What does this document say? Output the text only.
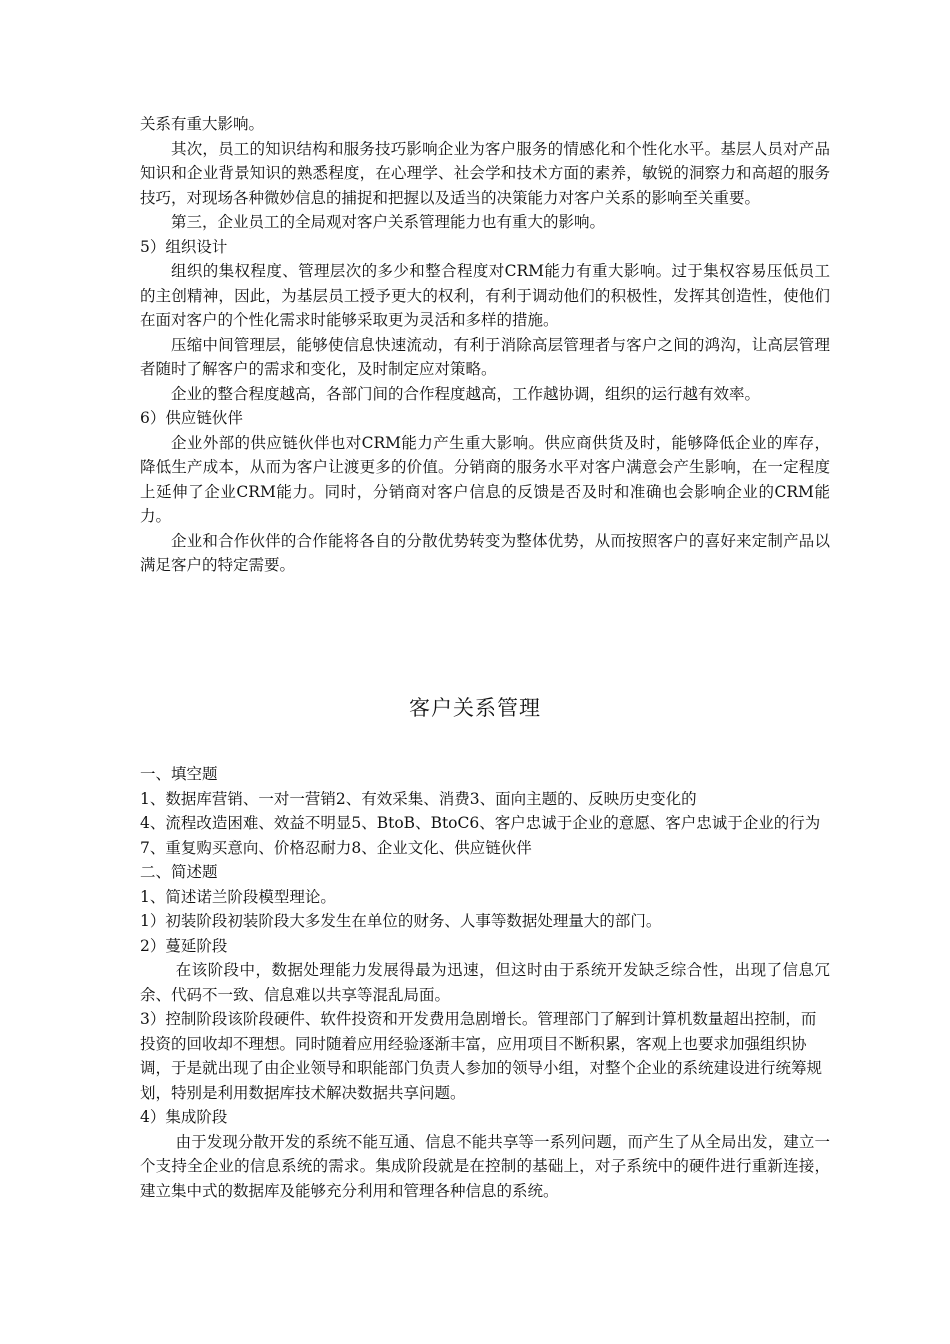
关系有重大影响。

其次，员工的知识结构和服务技巧影响企业为客户服务的情感化和个性化水平。基层人员对产品知识和企业背景知识的熟悉程度，在心理学、社会学和技术方面的素养，敏锐的洞察力和高超的服务技巧，对现场各种微妙信息的捕捉和把握以及适当的决策能力对客户关系的影响至关重要。

第三，企业员工的全局观对客户关系管理能力也有重大的影响。

5）组织设计

组织的集权程度、管理层次的多少和整合程度对CRM能力有重大影响。过于集权容易压低员工的主创精神，因此，为基层员工授予更大的权利，有利于调动他们的积极性，发挥其创造性，使他们在面对客户的个性化需求时能够采取更为灵活和多样的措施。

压缩中间管理层，能够使信息快速流动，有利于消除高层管理者与客户之间的鸿沟，让高层管理者随时了解客户的需求和变化，及时制定应对策略。

企业的整合程度越高，各部门间的合作程度越高，工作越协调，组织的运行越有效率。

6）供应链伙伴

企业外部的供应链伙伴也对CRM能力产生重大影响。供应商供货及时，能够降低企业的库存，降低生产成本，从而为客户让渡更多的价值。分销商的服务水平对客户满意会产生影响，在一定程度上延伸了企业CRM能力。同时，分销商对客户信息的反馈是否及时和准确也会影响企业的CRM能力。

企业和合作伙伴的合作能将各自的分散优势转变为整体优势，从而按照客户的喜好来定制产品以满足客户的特定需要。

客户关系管理

一、填空题

1、数据库营销、一对一营销2、有效采集、消费3、面向主题的、反映历史变化的

4、流程改造困难、效益不明显5、BtoB、BtoC6、客户忠诚于企业的意愿、客户忠诚于企业的行为7、重复购买意向、价格忍耐力8、企业文化、供应链伙伴

二、简述题

1、简述诺兰阶段模型理论。

1）初装阶段初装阶段大多发生在单位的财务、人事等数据处理量大的部门。

2）蔓延阶段

在该阶段中，数据处理能力发展得最为迅速，但这时由于系统开发缺乏综合性，出现了信息冗余、代码不一致、信息难以共享等混乱局面。

3）控制阶段该阶段硬件、软件投资和开发费用急剧增长。管理部门了解到计算机数量超出控制，而投资的回收却不理想。同时随着应用经验逐渐丰富，应用项目不断积累，客观上也要求加强组织协调，于是就出现了由企业领导和职能部门负责人参加的领导小组，对整个企业的系统建设进行统筹规划，特别是利用数据库技术解决数据共享问题。

4）集成阶段

由于发现分散开发的系统不能互通、信息不能共享等一系列问题，而产生了从全局出发，建立一个支持全企业的信息系统的需求。集成阶段就是在控制的基础上，对子系统中的硬件进行重新连接，建立集中式的数据库及能够充分利用和管理各种信息的系统。
